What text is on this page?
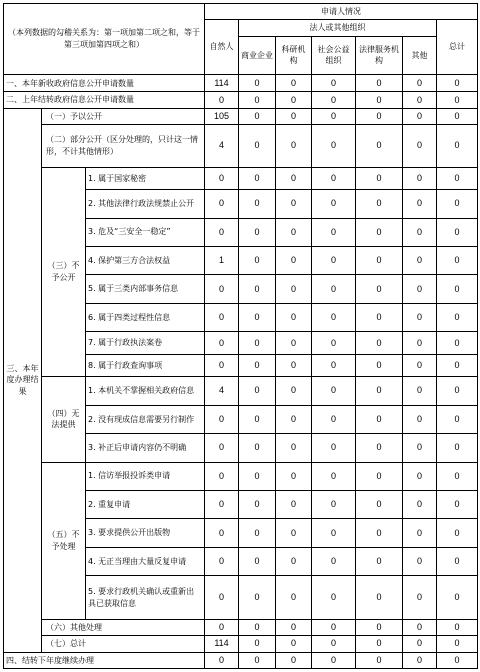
（本列数据的勾稽关系为：第一项加第二项之和，等于第三项加第四项之和）			申请人情况						
			自然人	法人或其他组织					总计
				商业企业	科研机构	社会公益组织	法律服务机构	其他	
一、本年新收政府信息公开申请数量			114	0	0	0	0	0	0
二、上年结转政府信息公开申请数量			0	0	0	0	0	0	0
三、本年度办理结果	（一）予以公开		105	0	0	0	0	0	0
	（二）部分公开（区分处理的，只计这一情形，不计其他情形）		4	0	0	0	0	0	0
	（三）不予公开	1. 属于国家秘密	0	0	0	0	0	0	0
		2. 其他法律行政法规禁止公开	0	0	0	0	0	0	0
		3. 危及“三安全一稳定”	0	0	0	0	0	0	0
		4. 保护第三方合法权益	1	0	0	0	0	0	0
		5. 属于三类内部事务信息	0	0	0	0	0	0	0
		6. 属于四类过程性信息	0	0	0	0	0	0	0
		7. 属于行政执法案卷	0	0	0	0	0	0	0
		8. 属于行政查询事项	0	0	0	0	0	0	0
	（四）无法提供	1. 本机关不掌握相关政府信息	4	0	0	0	0	0	0
		2. 没有现成信息需要另行制作	0	0	0	0	0	0	0
		3. 补正后申请内容仍不明确	0	0	0	0	0	0	0
	（五）不予处理	1. 信访举报投诉类申请	0	0	0	0	0	0	0
		2. 重复申请	0	0	0	0	0	0	0
		3. 要求提供公开出版物	0	0	0	0	0	0	0
		4. 无正当理由大量反复申请	0	0	0	0	0	0	0
		5. 要求行政机关确认或重新出具已获取信息	0	0	0	0	0	0	0
	（六）其他处理		0	0	0	0	0	0	0
	（七）总计		114	0	0	0	0	0	0
四、结转下年度继续办理			0	0	0	0	0	0	0
